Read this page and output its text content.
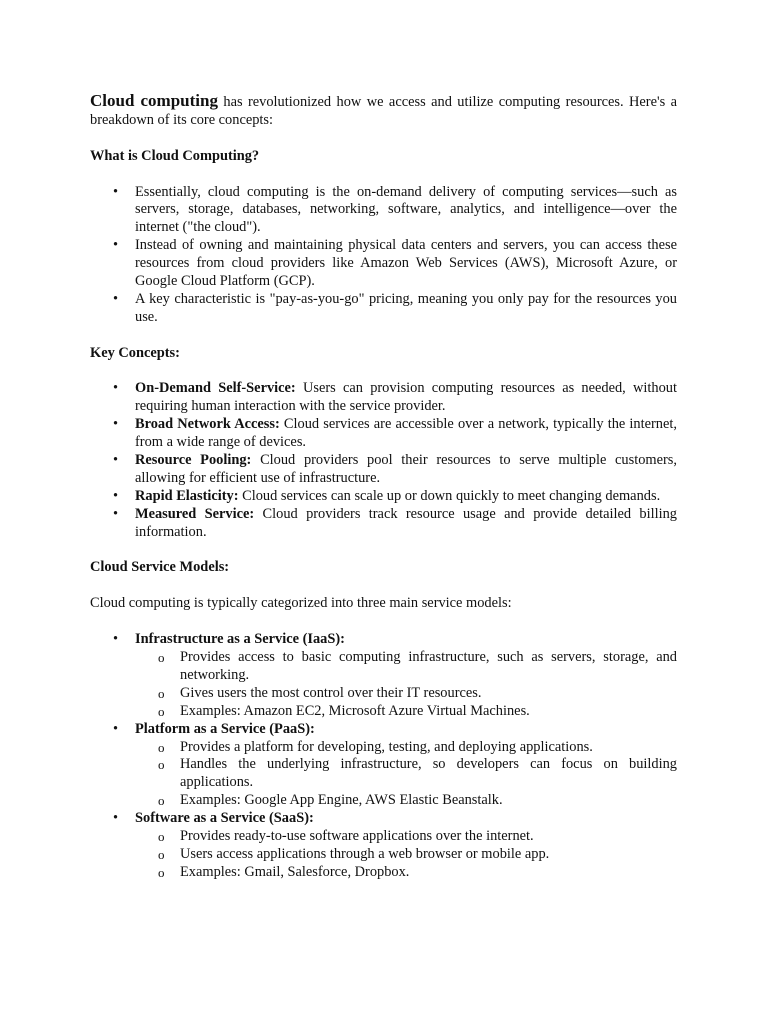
Cloud computing has revolutionized how we access and utilize computing resources. Here's a breakdown of its core concepts:

What is Cloud Computing?

• Essentially, cloud computing is the on-demand delivery of computing services—such as servers, storage, databases, networking, software, analytics, and intelligence—over the internet ("the cloud").
• Instead of owning and maintaining physical data centers and servers, you can access these resources from cloud providers like Amazon Web Services (AWS), Microsoft Azure, or Google Cloud Platform (GCP).
• A key characteristic is "pay-as-you-go" pricing, meaning you only pay for the resources you use.

Key Concepts:

• On-Demand Self-Service: Users can provision computing resources as needed, without requiring human interaction with the service provider.
• Broad Network Access: Cloud services are accessible over a network, typically the internet, from a wide range of devices.
• Resource Pooling: Cloud providers pool their resources to serve multiple customers, allowing for efficient use of infrastructure.
• Rapid Elasticity: Cloud services can scale up or down quickly to meet changing demands.
• Measured Service: Cloud providers track resource usage and provide detailed billing information.

Cloud Service Models:

Cloud computing is typically categorized into three main service models:

• Infrastructure as a Service (IaaS):
o Provides access to basic computing infrastructure, such as servers, storage, and networking.
o Gives users the most control over their IT resources.
o Examples: Amazon EC2, Microsoft Azure Virtual Machines.
• Platform as a Service (PaaS):
o Provides a platform for developing, testing, and deploying applications.
o Handles the underlying infrastructure, so developers can focus on building applications.
o Examples: Google App Engine, AWS Elastic Beanstalk.
• Software as a Service (SaaS):
o Provides ready-to-use software applications over the internet.
o Users access applications through a web browser or mobile app.
o Examples: Gmail, Salesforce, Dropbox.
